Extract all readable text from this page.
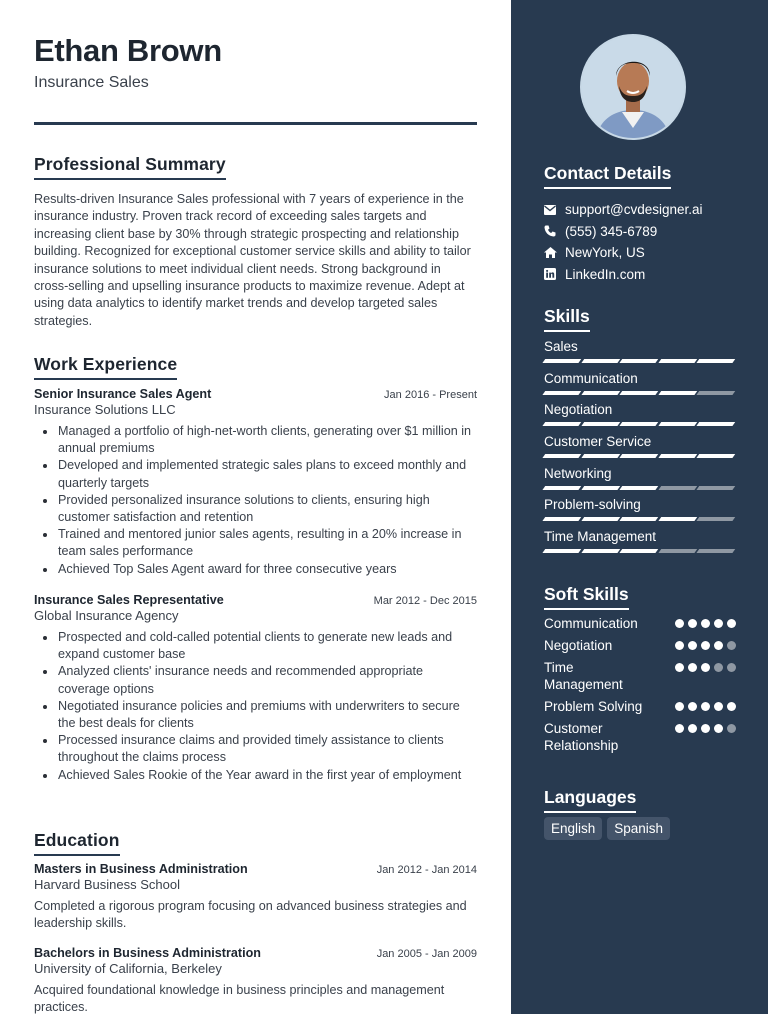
Ethan Brown
Insurance Sales
Professional Summary
Results-driven Insurance Sales professional with 7 years of experience in the insurance industry. Proven track record of exceeding sales targets and increasing client base by 30% through strategic prospecting and relationship building. Recognized for exceptional customer service skills and ability to tailor insurance solutions to meet individual client needs. Strong background in cross-selling and upselling insurance products to maximize revenue. Adept at using data analytics to identify market trends and develop targeted sales strategies.
Work Experience
Senior Insurance Sales Agent	Jan 2016 - Present
Insurance Solutions LLC
Managed a portfolio of high-net-worth clients, generating over $1 million in annual premiums
Developed and implemented strategic sales plans to exceed monthly and quarterly targets
Provided personalized insurance solutions to clients, ensuring high customer satisfaction and retention
Trained and mentored junior sales agents, resulting in a 20% increase in team sales performance
Achieved Top Sales Agent award for three consecutive years
Insurance Sales Representative	Mar 2012 - Dec 2015
Global Insurance Agency
Prospected and cold-called potential clients to generate new leads and expand customer base
Analyzed clients' insurance needs and recommended appropriate coverage options
Negotiated insurance policies and premiums with underwriters to secure the best deals for clients
Processed insurance claims and provided timely assistance to clients throughout the claims process
Achieved Sales Rookie of the Year award in the first year of employment
Education
Masters in Business Administration	Jan 2012 - Jan 2014
Harvard Business School
Completed a rigorous program focusing on advanced business strategies and leadership skills.
Bachelors in Business Administration	Jan 2005 - Jan 2009
University of California, Berkeley
Acquired foundational knowledge in business principles and management practices.
Contact Details
support@cvdesigner.ai
(555) 345-6789
NewYork, US
LinkedIn.com
Skills
Sales
Communication
Negotiation
Customer Service
Networking
Problem-solving
Time Management
Soft Skills
Communication
Negotiation
Time Management
Problem Solving
Customer Relationship
Languages
English	Spanish
